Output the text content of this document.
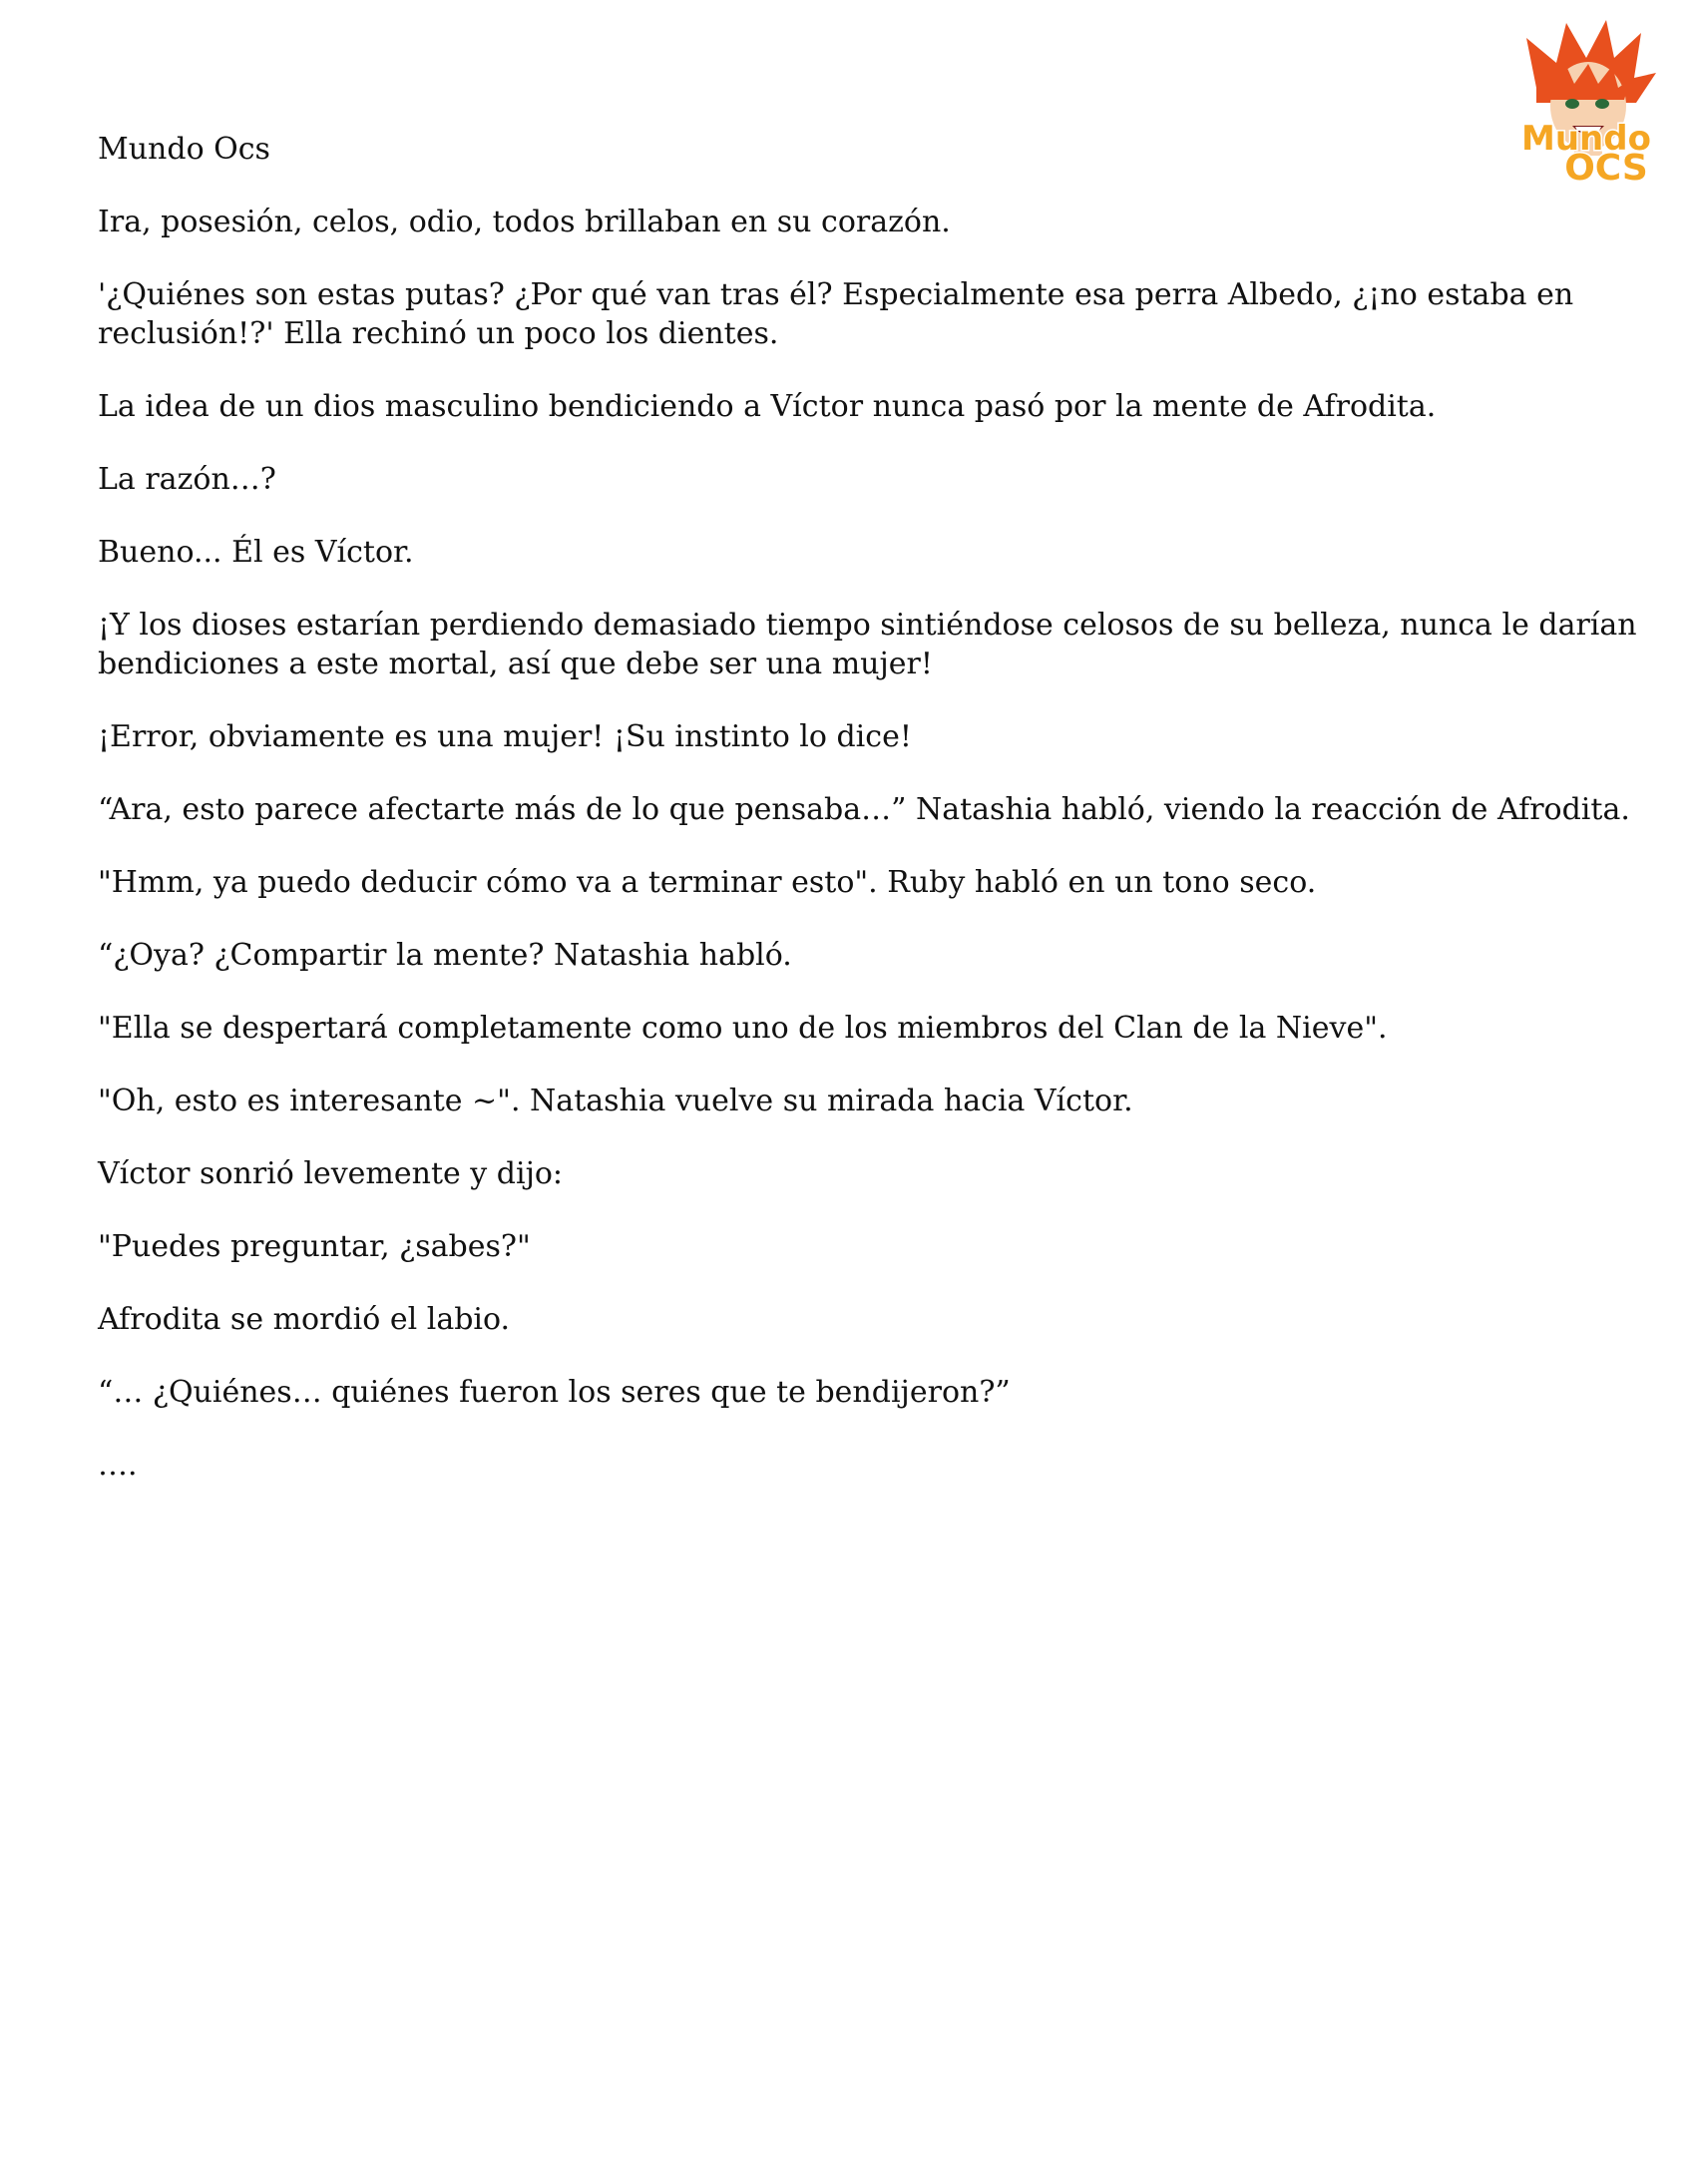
Mundo
OCS

Mundo Ocs

Ira, posesión, celos, odio, todos brillaban en su corazón.

'¿Quiénes son estas putas? ¿Por qué van tras él? Especialmente esa perra Albedo, ¿¡no estaba en reclusión!?' Ella rechinó un poco los dientes.

La idea de un dios masculino bendiciendo a Víctor nunca pasó por la mente de Afrodita.

La razón…?

Bueno... Él es Víctor.

¡Y los dioses estarían perdiendo demasiado tiempo sintiéndose celosos de su belleza, nunca le darían bendiciones a este mortal, así que debe ser una mujer!

¡Error, obviamente es una mujer! ¡Su instinto lo dice!

“Ara, esto parece afectarte más de lo que pensaba…” Natashia habló, viendo la reacción de Afrodita.

"Hmm, ya puedo deducir cómo va a terminar esto". Ruby habló en un tono seco.

“¿Oya? ¿Compartir la mente? Natashia habló.

"Ella se despertará completamente como uno de los miembros del Clan de la Nieve".

"Oh, esto es interesante ~". Natashia vuelve su mirada hacia Víctor.

Víctor sonrió levemente y dijo:

"Puedes preguntar, ¿sabes?"

Afrodita se mordió el labio.

“… ¿Quiénes… quiénes fueron los seres que te bendijeron?”

….
